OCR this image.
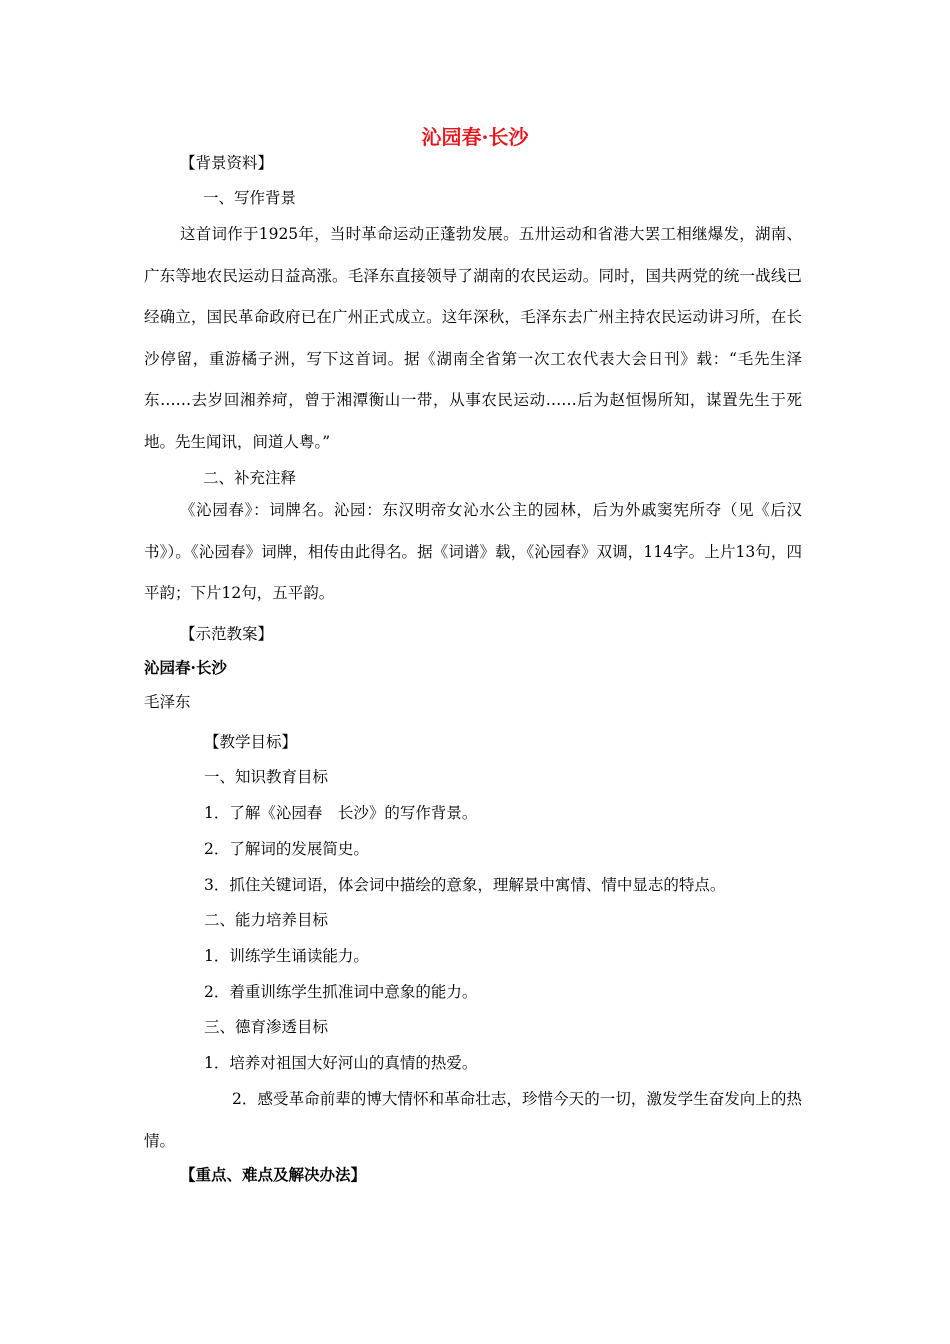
沁园春·长沙
【背景资料】
一、写作背景
这首词作于1925年，当时革命运动正蓬勃发展。五卅运动和省港大罢工相继爆发，湖南、广东等地农民运动日益高涨。毛泽东直接领导了湖南的农民运动。同时，国共两党的统一战线已经确立，国民革命政府已在广州正式成立。这年深秋，毛泽东去广州主持农民运动讲习所，在长沙停留，重游橘子洲，写下这首词。据《湖南全省第一次工农代表大会日刊》载：“毛先生泽东……去岁回湘养疴，曾于湘潭衡山一带，从事农民运动……后为赵恒惕所知，谋置先生于死地。先生闻讯，间道人粤。”
二、补充注释
《沁园春》：词牌名。沁园：东汉明帝女沁水公主的园林，后为外戚窦宪所夺（见《后汉书》）。《沁园春》词牌，相传由此得名。据《词谱》载，《沁园春》双调，114字。上片13句，四平韵；下片12句，五平韵。
【示范教案】
沁园春·长沙
毛泽东
【教学目标】
一、知识教育目标
1．了解《沁园春　长沙》的写作背景。
2．了解词的发展简史。
3．抓住关键词语，体会词中描绘的意象，理解景中寓情、情中显志的特点。
二、能力培养目标
1．训练学生诵读能力。
2．着重训练学生抓准词中意象的能力。
三、德育渗透目标
1．培养对祖国大好河山的真情的热爱。
2．感受革命前辈的博大情怀和革命壮志，珍惜今天的一切，激发学生奋发向上的热情。
【重点、难点及解决办法】
